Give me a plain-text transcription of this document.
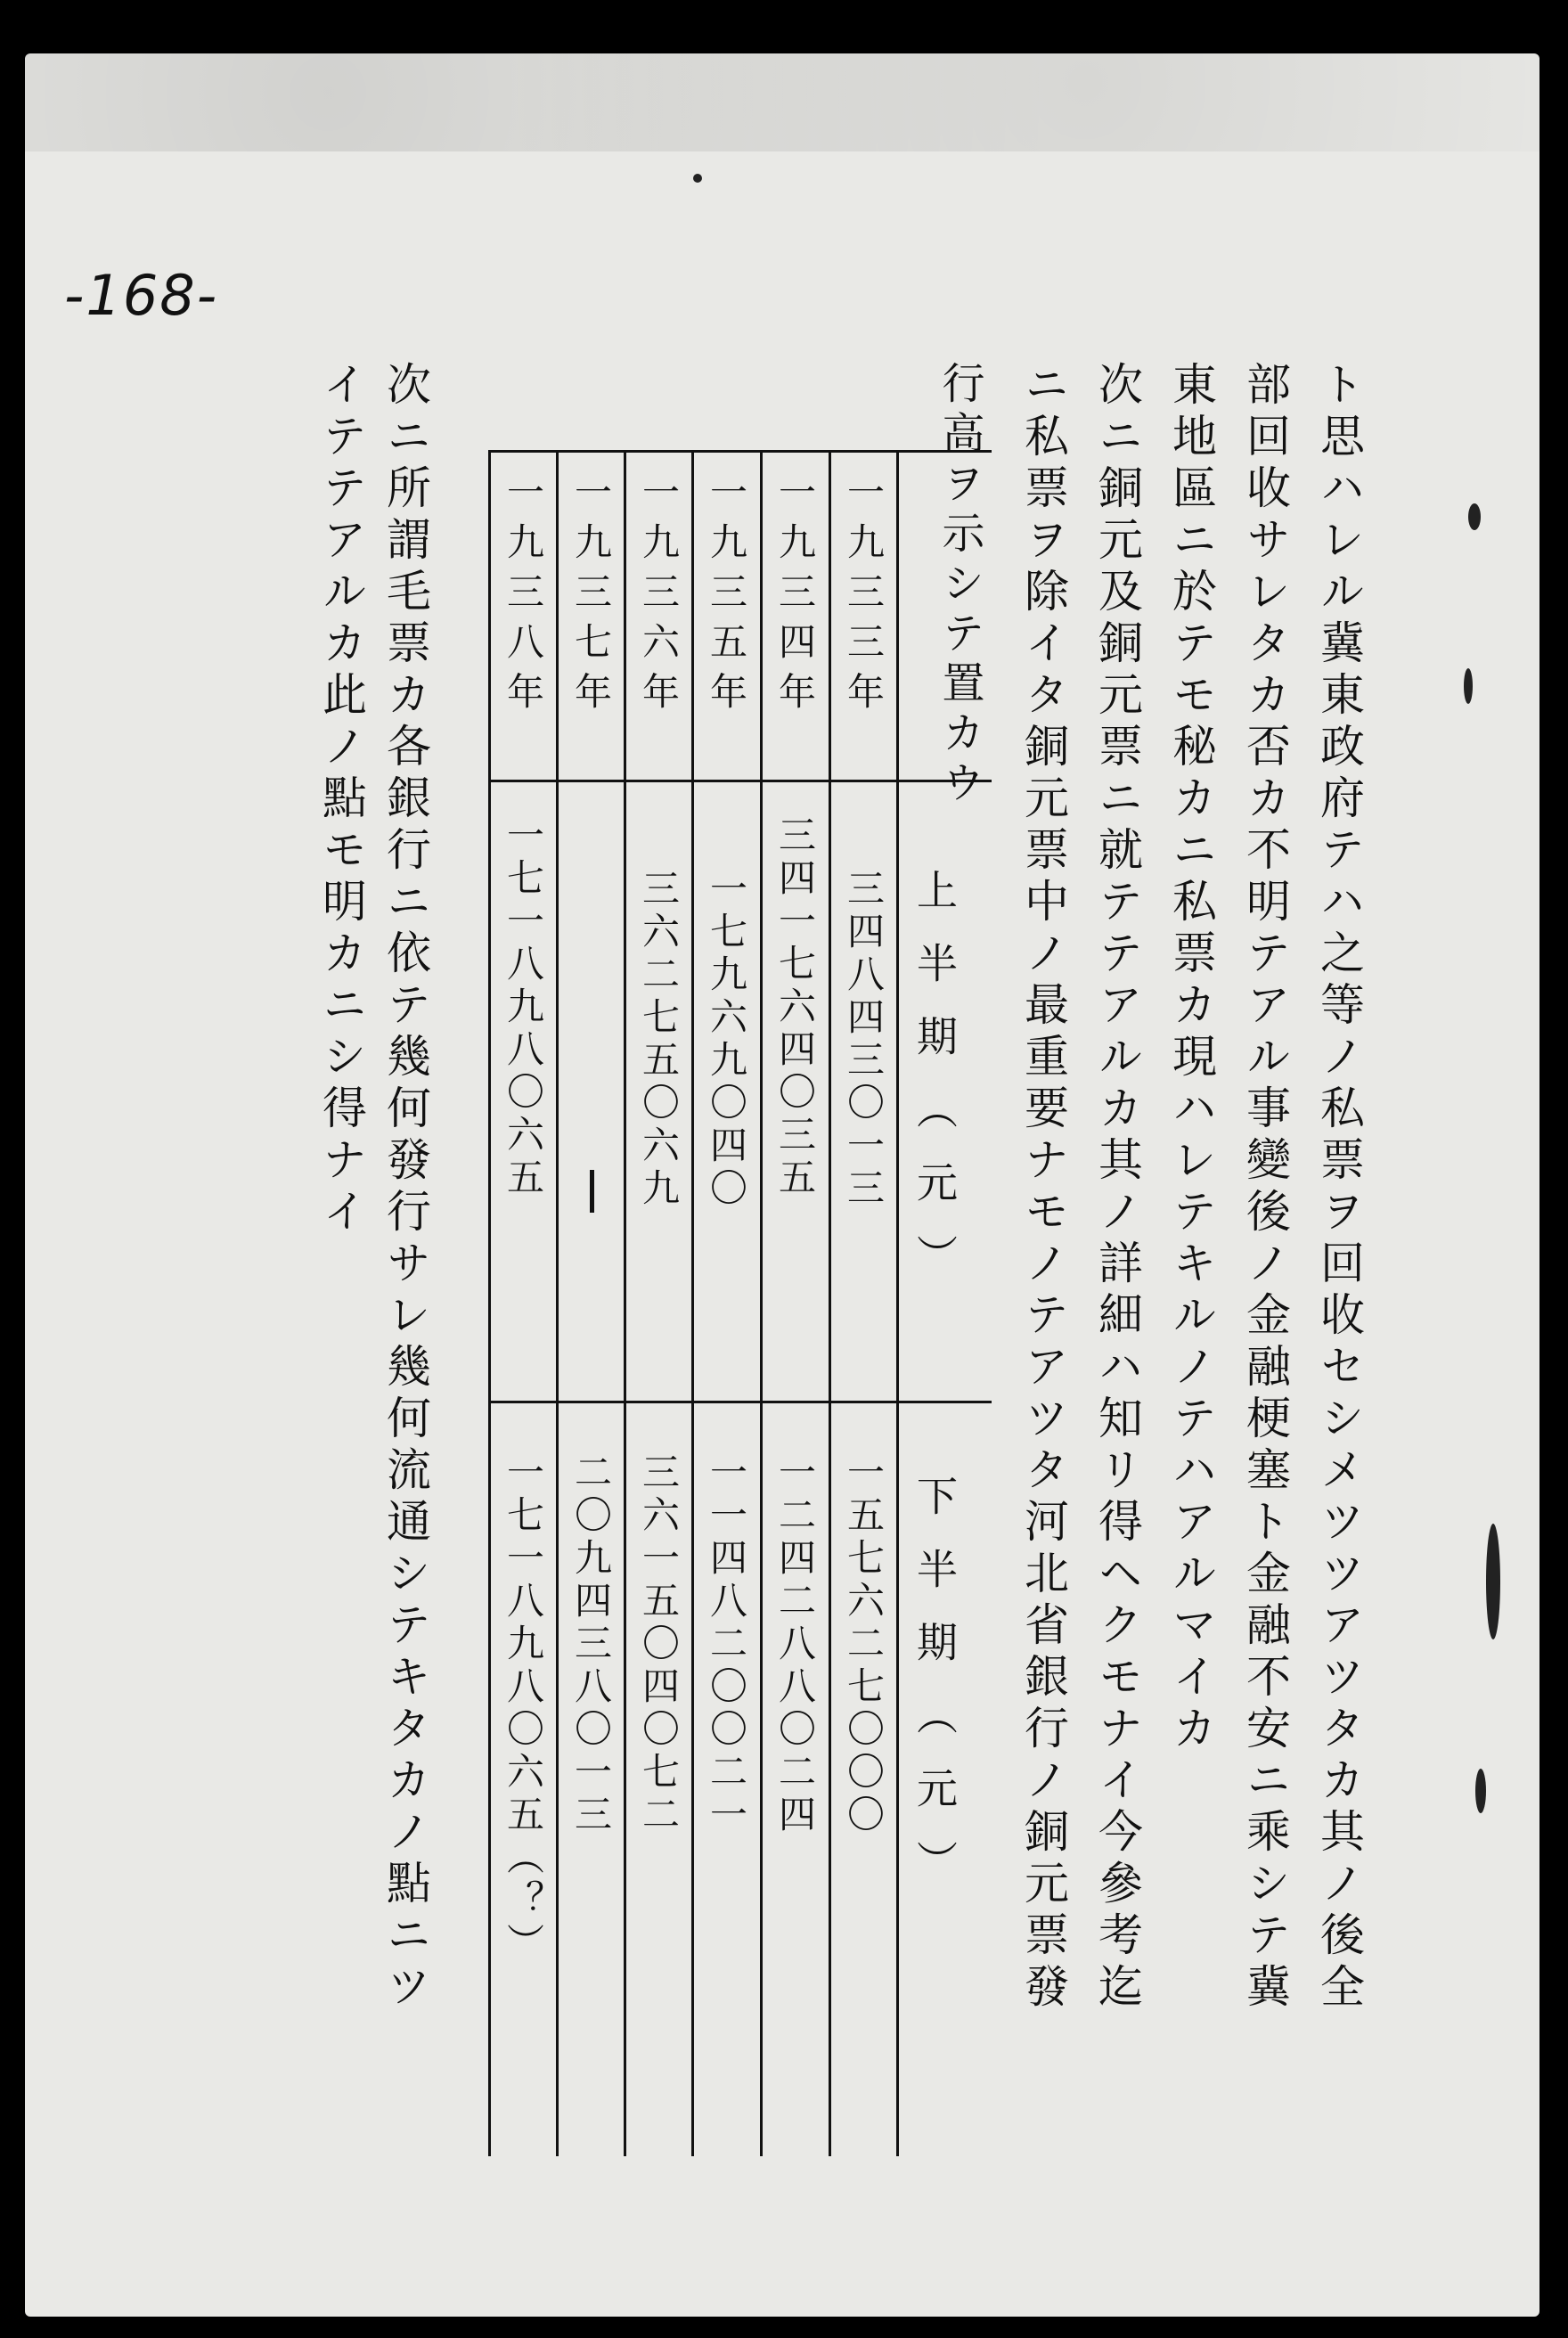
-168-
ト思ハレル冀東政府テハ之等ノ私票ヲ回收セシメツツアツタカ其ノ後全
部回收サレタカ否カ不明テアル事變後ノ金融梗塞ト金融不安ニ乘シテ冀
東地區ニ於テモ秘カニ私票カ現ハレテキルノテハアルマイカ
次ニ銅元及銅元票ニ就テテアルカ其ノ詳細ハ知リ得ヘクモナイ今參考迄
ニ私票ヲ除イタ銅元票中ノ最重要ナモノテアツタ河北省銀行ノ銅元票發
行高ヲ示シテ置カウ
上半期（元）
下半期（元）
一九三三年
三四八四三〇一三
一五七六二七〇〇〇
一九三四年
三四一七六四〇三五
一二四二八八〇二四
一九三五年
一七九六九〇四〇
一一四八二〇〇二一
一九三六年
三六二七五〇六九
三六一五〇四〇七二
一九三七年
二〇九四三八〇一三
一九三八年
一七一八九八〇六五
一七一八九八〇六五（？）
次ニ所謂毛票カ各銀行ニ依テ幾何發行サレ幾何流通シテキタカノ點ニツ
イテテアルカ此ノ點モ明カニシ得ナイ
